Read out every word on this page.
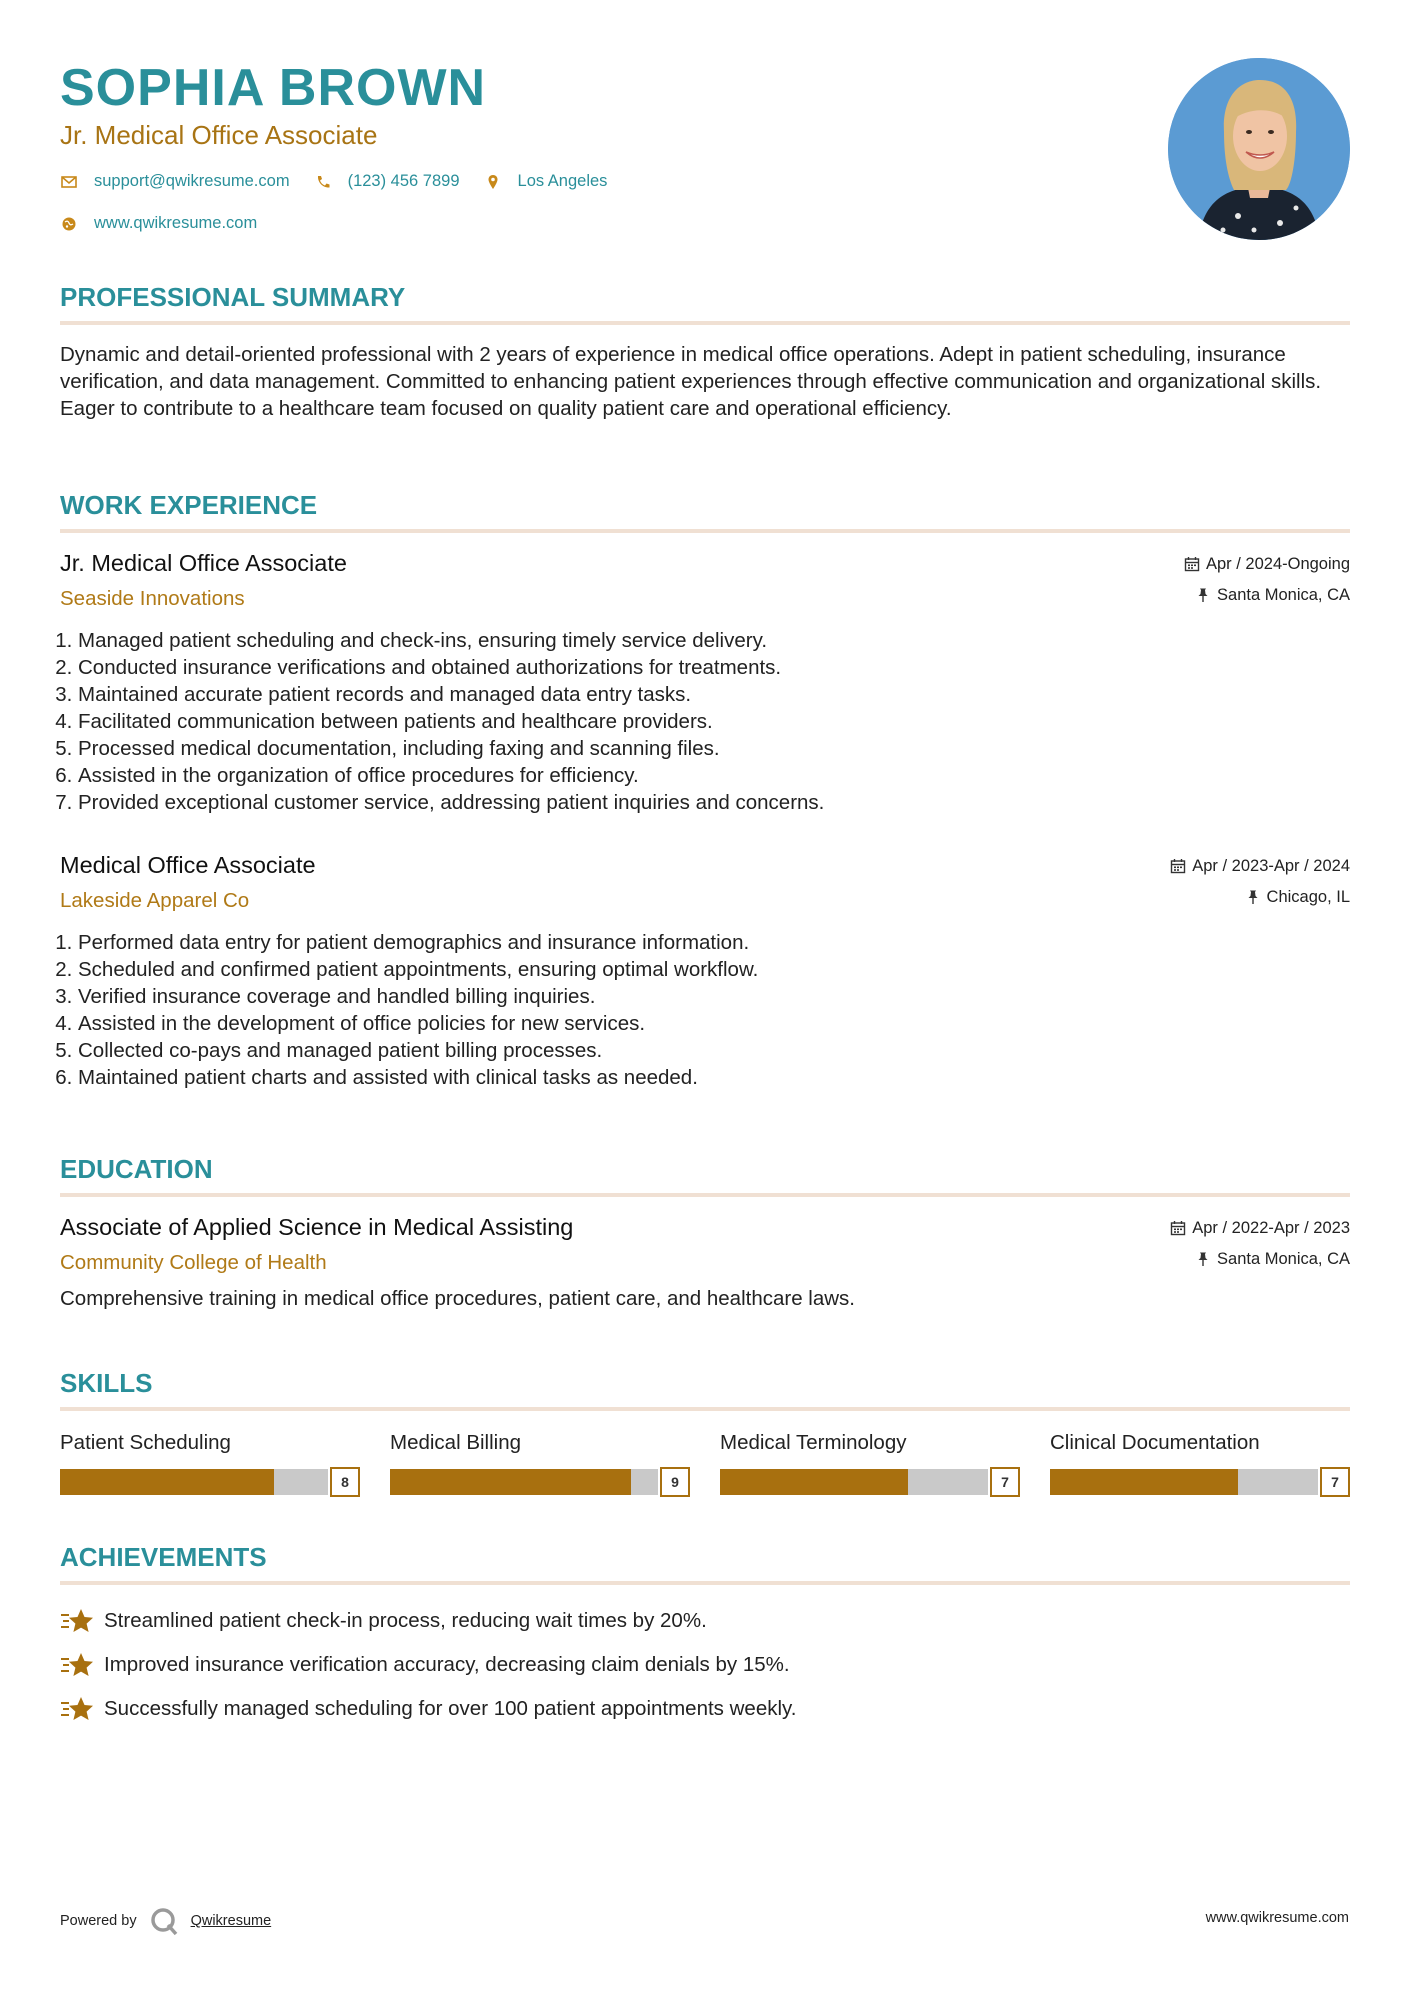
SOPHIA BROWN
Jr. Medical Office Associate
support@qwikresume.com	(123) 456 7899	Los Angeles
www.qwikresume.com
PROFESSIONAL SUMMARY
Dynamic and detail-oriented professional with 2 years of experience in medical office operations. Adept in patient scheduling, insurance verification, and data management. Committed to enhancing patient experiences through effective communication and organizational skills. Eager to contribute to a healthcare team focused on quality patient care and operational efficiency.
WORK EXPERIENCE
Jr. Medical Office Associate
Seaside Innovations
Apr / 2024-Ongoing
Santa Monica, CA
1. Managed patient scheduling and check-ins, ensuring timely service delivery.
2. Conducted insurance verifications and obtained authorizations for treatments.
3. Maintained accurate patient records and managed data entry tasks.
4. Facilitated communication between patients and healthcare providers.
5. Processed medical documentation, including faxing and scanning files.
6. Assisted in the organization of office procedures for efficiency.
7. Provided exceptional customer service, addressing patient inquiries and concerns.
Medical Office Associate
Lakeside Apparel Co
Apr / 2023-Apr / 2024
Chicago, IL
1. Performed data entry for patient demographics and insurance information.
2. Scheduled and confirmed patient appointments, ensuring optimal workflow.
3. Verified insurance coverage and handled billing inquiries.
4. Assisted in the development of office policies for new services.
5. Collected co-pays and managed patient billing processes.
6. Maintained patient charts and assisted with clinical tasks as needed.
EDUCATION
Associate of Applied Science in Medical Assisting
Community College of Health
Apr / 2022-Apr / 2023
Santa Monica, CA
Comprehensive training in medical office procedures, patient care, and healthcare laws.
SKILLS
Patient Scheduling
8
Medical Billing
9
Medical Terminology
7
Clinical Documentation
7
ACHIEVEMENTS
Streamlined patient check-in process, reducing wait times by 20%.
Improved insurance verification accuracy, decreasing claim denials by 15%.
Successfully managed scheduling for over 100 patient appointments weekly.
Powered by	Qwikresume	www.qwikresume.com
